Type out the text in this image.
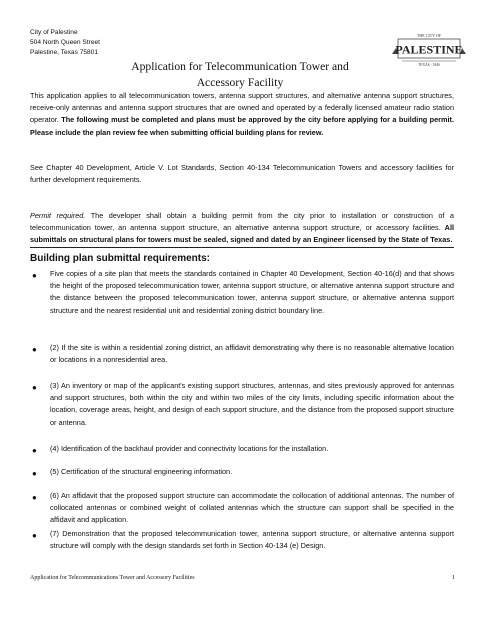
City of Palestine
504 North Queen Street
Palestine, Texas 75801
THE CITY OF
PALESTINE
TEXAS · 1846
Application for Telecommunication Tower and
Accessory Facility
This application applies to all telecommunication towers, antenna support structures, and alternative antenna support structures, receive-only antennas and antenna support structures that are owned and operated by a federally licensed amateur radio station operator. The following must be completed and plans must be approved by the city before applying for a building permit. Please include the plan review fee when submitting official building plans for review.
See Chapter 40 Development, Article V. Lot Standards, Section 40-134 Telecommunication Towers and accessory facilities for further development requirements.
Permit required. The developer shall obtain a building permit from the city prior to installation or construction of a telecommunication tower, an antenna support structure, an alternative antenna support structure, or accessory facilities. All submittals on structural plans for towers must be sealed, signed and dated by an Engineer licensed by the State of Texas.
Building plan submittal requirements:
● Five copies of a site plan that meets the standards contained in Chapter 40 Development, Section 40-16(d) and that shows the height of the proposed telecommunication tower, antenna support structure, or alternative antenna support structure and the distance between the proposed telecommunication tower, antenna support structure, or alternative antenna support structure and the nearest residential unit and residential zoning district boundary line.
● (2) If the site is within a residential zoning district, an affidavit demonstrating why there is no reasonable alternative location or locations in a nonresidential area.
● (3) An inventory or map of the applicant's existing support structures, antennas, and sites previously approved for antennas and support structures, both within the city and within two miles of the city limits, including specific information about the location, coverage areas, height, and design of each support structure, and the distance from the proposed support structure or antenna.
● (4) Identification of the backhaul provider and connectivity locations for the installation.
● (5) Certification of the structural engineering information.
● (6) An affidavit that the proposed support structure can accommodate the collocation of additional antennas. The number of collocated antennas or combined weight of collated antennas which the structure can support shall be specified in the affidavit and application.
● (7) Demonstration that the proposed telecommunication tower, antenna support structure, or alternative antenna support structure will comply with the design standards set forth in Section 40-134 (e) Design.
Application for Telecommunications Tower and Accessory Facilities	1
